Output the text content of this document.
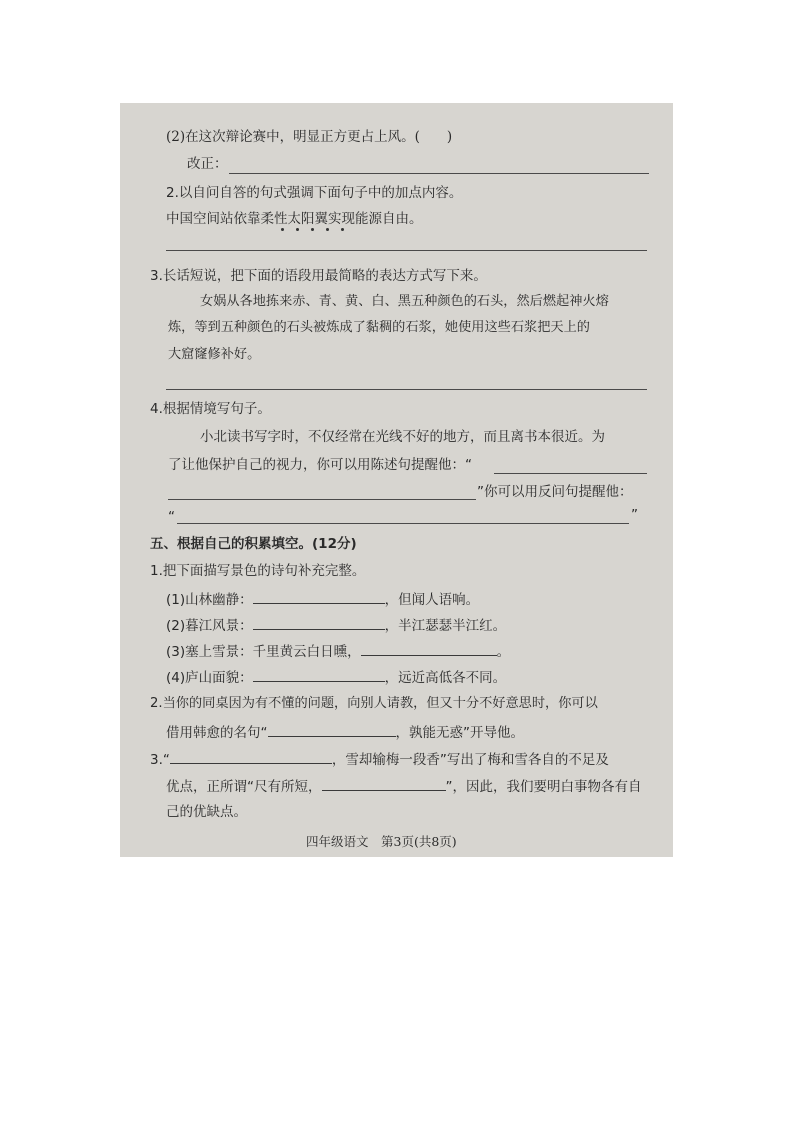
(2)在这次辩论赛中，明显正方更占上风。(　　)
改正：
2.以自问自答的句式强调下面句子中的加点内容。
中国空间站依靠柔性太阳翼实现能源自由。
3.长话短说，把下面的语段用最简略的表达方式写下来。
女娲从各地拣来赤、青、黄、白、黑五种颜色的石头，然后燃起神火熔
炼，等到五种颜色的石头被炼成了黏稠的石浆，她使用这些石浆把天上的
大窟窿修补好。
4.根据情境写句子。
小北读书写字时，不仅经常在光线不好的地方，而且离书本很近。为
了让他保护自己的视力，你可以用陈述句提醒他：“
”你可以用反问句提醒他：
“	”
五、根据自己的积累填空。(12分)
1.把下面描写景色的诗句补充完整。
(1)山林幽静：	，但闻人语响。
(2)暮江风景：	，半江瑟瑟半江红。
(3)塞上雪景：千里黄云白日曛，	。
(4)庐山面貌：	，远近高低各不同。
2.当你的同桌因为有不懂的问题，向别人请教，但又十分不好意思时，你可以
借用韩愈的名句“	，孰能无惑”开导他。
3.“	，雪却输梅一段香”写出了梅和雪各自的不足及
优点，正所谓“尺有所短，	”，因此，我们要明白事物各有自
己的优缺点。
四年级语文　第3页(共8页)
